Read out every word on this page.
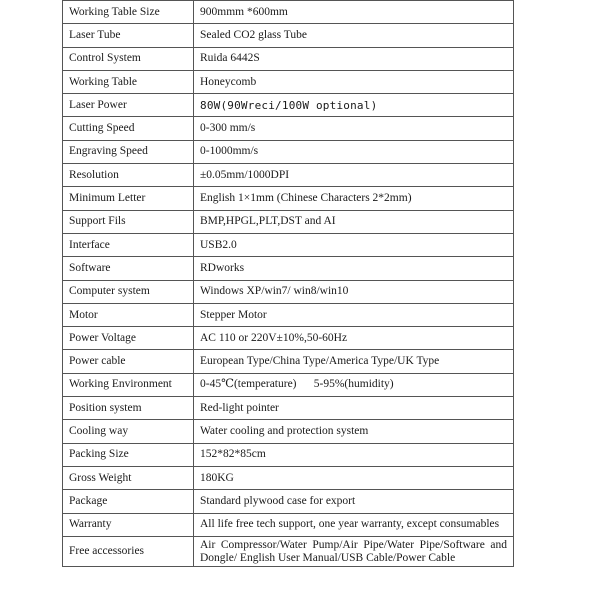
Working Table Size	900mmm *600mm
Laser Tube	Sealed CO2 glass Tube
Control System	Ruida 6442S
Working Table	Honeycomb
Laser Power	80W(90Wreci/100W optional)
Cutting Speed	0-300 mm/s
Engraving Speed	0-1000mm/s
Resolution	±0.05mm/1000DPI
Minimum Letter	English 1×1mm (Chinese Characters 2*2mm)
Support Fils	BMP,HPGL,PLT,DST and AI
Interface	USB2.0
Software	RDworks
Computer system	Windows XP/win7/ win8/win10
Motor	Stepper Motor
Power Voltage	AC 110 or 220V±10%,50-60Hz
Power cable	European Type/China Type/America Type/UK Type
Working Environment	0-45℃(temperature)      5-95%(humidity)
Position system	Red-light pointer
Cooling way	Water cooling and protection system
Packing Size	152*82*85cm
Gross Weight	180KG
Package	Standard plywood case for export
Warranty	All life free tech support, one year warranty, except consumables
Free accessories	Air Compressor/Water Pump/Air Pipe/Water Pipe/Software and Dongle/ English User Manual/USB Cable/Power Cable
